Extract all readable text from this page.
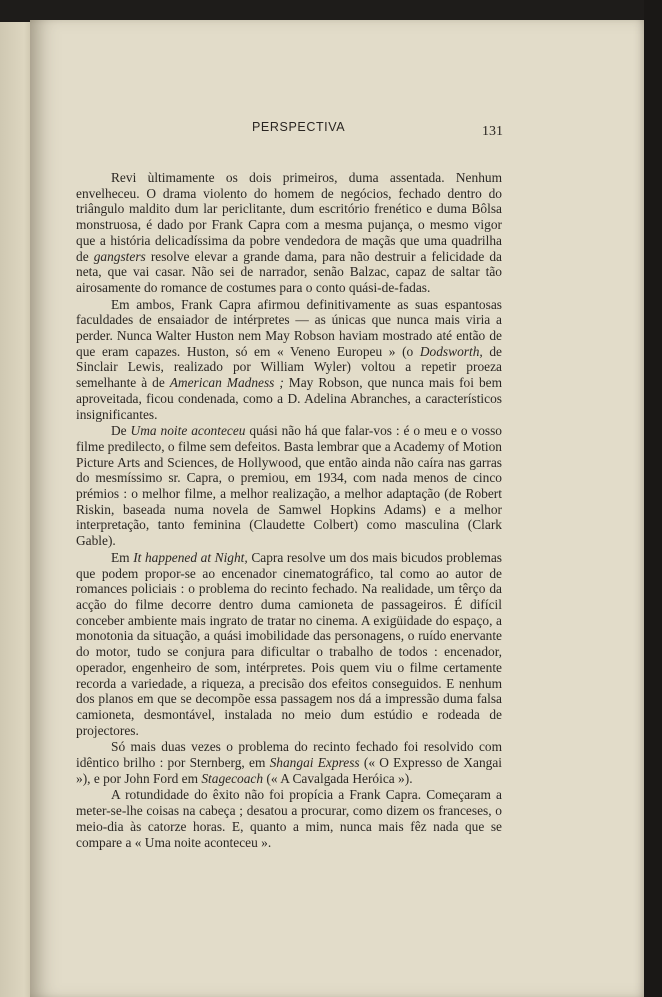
PERSPECTIVA	131

Revi ùltimamente os dois primeiros, duma assentada. Nenhum envelheceu. O drama violento do homem de negócios, fechado dentro do triângulo maldito dum lar periclitante, dum escritório frenético e duma Bôlsa monstruosa, é dado por Frank Capra com a mesma pujança, o mesmo vigor que a história delicadíssima da pobre vendedora de maçãs que uma quadrilha de gangsters resolve elevar a grande dama, para não destruir a felicidade da neta, que vai casar. Não sei de narrador, senão Balzac, capaz de saltar tão airosamente do romance de costumes para o conto quási-de-fadas.

Em ambos, Frank Capra afirmou definitivamente as suas espantosas faculdades de ensaiador de intérpretes — as únicas que nunca mais viria a perder. Nunca Walter Huston nem May Robson haviam mostrado até então de que eram capazes. Huston, só em « Veneno Europeu » (o Dodsworth, de Sinclair Lewis, realizado por William Wyler) voltou a repetir proeza semelhante à de American Madness ; May Robson, que nunca mais foi bem aproveitada, ficou condenada, como a D. Adelina Abranches, a característicos insignificantes.

De Uma noite aconteceu quási não há que falar-vos : é o meu e o vosso filme predilecto, o filme sem defeitos. Basta lembrar que a Academy of Motion Picture Arts and Sciences, de Hollywood, que então ainda não caíra nas garras do mesmíssimo sr. Capra, o premiou, em 1934, com nada menos de cinco prémios : o melhor filme, a melhor realização, a melhor adaptação (de Robert Riskin, baseada numa novela de Samwel Hopkins Adams) e a melhor interpretação, tanto feminina (Claudette Colbert) como masculina (Clark Gable).

Em It happened at Night, Capra resolve um dos mais bicudos problemas que podem propor-se ao encenador cinematográfico, tal como ao autor de romances policiais : o problema do recinto fechado. Na realidade, um têrço da acção do filme decorre dentro duma camioneta de passageiros. É difícil conceber ambiente mais ingrato de tratar no cinema. A exigüidade do espaço, a monotonia da situação, a quási imobilidade das personagens, o ruído enervante do motor, tudo se conjura para dificultar o trabalho de todos : encenador, operador, engenheiro de som, intérpretes. Pois quem viu o filme certamente recorda a variedade, a riqueza, a precisão dos efeitos conseguidos. E nenhum dos planos em que se decompõe essa passagem nos dá a impressão duma falsa camioneta, desmontável, instalada no meio dum estúdio e rodeada de projectores.

Só mais duas vezes o problema do recinto fechado foi resolvido com idêntico brilho : por Sternberg, em Shangai Express (« O Expresso de Xangai »), e por John Ford em Stagecoach (« A Cavalgada Heróica »).

A rotundidade do êxito não foi propícia a Frank Capra. Começaram a meter-se-lhe coisas na cabeça ; desatou a procurar, como dizem os franceses, o meio-dia às catorze horas. E, quanto a mim, nunca mais fêz nada que se compare a « Uma noite aconteceu ».
